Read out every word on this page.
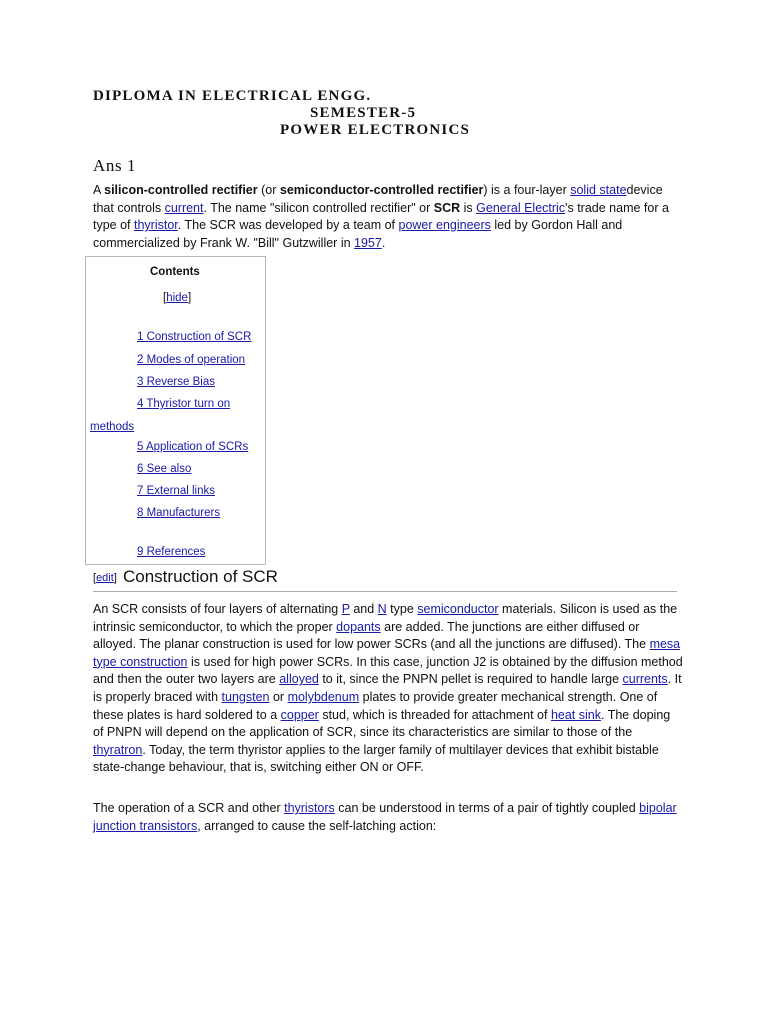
DIPLOMA IN ELECTRICAL ENGG.
SEMESTER-5
POWER ELECTRONICS
Ans 1
A silicon-controlled rectifier (or semiconductor-controlled rectifier) is a four-layer solid statedevice that controls current. The name "silicon controlled rectifier" or SCR is General Electric's trade name for a type of thyristor. The SCR was developed by a team of power engineers led by Gordon Hall and commercialized by Frank W. "Bill" Gutzwiller in 1957.
Contents
[hide]
1 Construction of SCR
2 Modes of operation
3 Reverse Bias
4 Thyristor turn on
methods
5 Application of SCRs
6 See also
7 External links
8 Manufacturers
9 References
[edit] Construction of SCR
An SCR consists of four layers of alternating P and N type semiconductor materials. Silicon is used as the intrinsic semiconductor, to which the proper dopants are added. The junctions are either diffused or alloyed. The planar construction is used for low power SCRs (and all the junctions are diffused). The mesa type construction is used for high power SCRs. In this case, junction J2 is obtained by the diffusion method and then the outer two layers are alloyed to it, since the PNPN pellet is required to handle large currents. It is properly braced with tungsten or molybdenum plates to provide greater mechanical strength. One of these plates is hard soldered to a copper stud, which is threaded for attachment of heat sink. The doping of PNPN will depend on the application of SCR, since its characteristics are similar to those of the thyratron. Today, the term thyristor applies to the larger family of multilayer devices that exhibit bistable state-change behaviour, that is, switching either ON or OFF.
The operation of a SCR and other thyristors can be understood in terms of a pair of tightly coupled bipolar junction transistors, arranged to cause the self-latching action:
